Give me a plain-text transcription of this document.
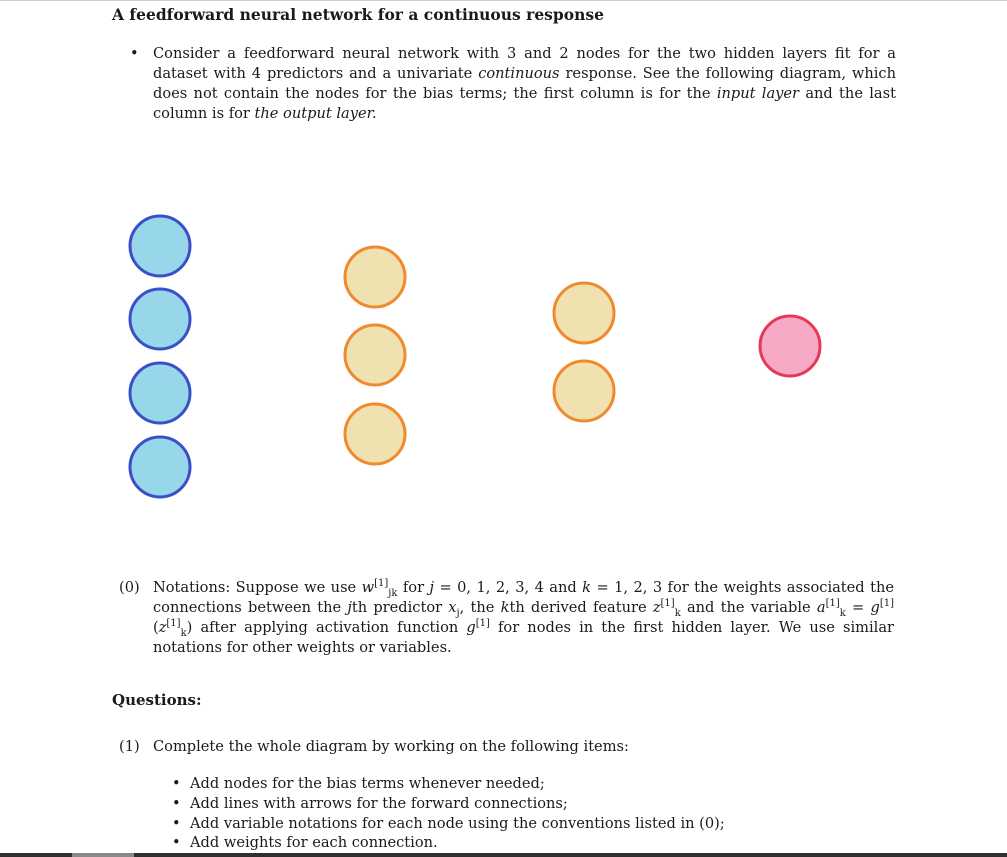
A feedforward neural network for a continuous response
• Consider a feedforward neural network with 3 and 2 nodes for the two hidden layers fit for a dataset with 4 predictors and a univariate continuous response. See the following diagram, which does not contain the nodes for the bias terms; the first column is for the input layer and the last column is for the output layer.

(0) Notations: Suppose we use $w[1]_{jk}$ for j = 0, 1, 2, 3, 4 and k = 1, 2, 3 for the weights associated the connections between the jth predictor $x_j$, the kth derived feature $z[1]_k$ and the variable $a[1]_k = g[1](z[1]_k)$ after applying activation function g[1] for nodes in the first hidden layer. We use similar notations for other weights or variables.

Questions:
(1) Complete the whole diagram by working on the following items:
• Add nodes for the bias terms whenever needed;
• Add lines with arrows for the forward connections;
• Add variable notations for each node using the conventions listed in (0);
• Add weights for each connection.
